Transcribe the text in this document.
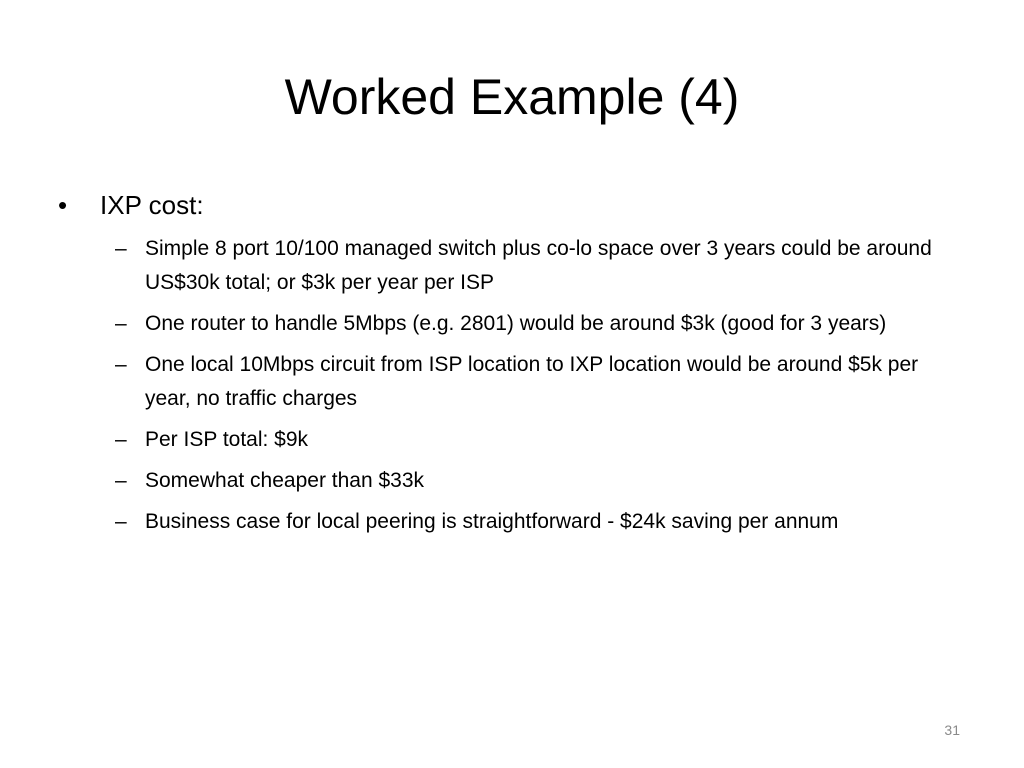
Worked Example (4)
• IXP cost:
– Simple 8 port 10/100 managed switch plus co-lo space over 3 years could be around US$30k total; or $3k per year per ISP
– One router to handle 5Mbps (e.g. 2801) would be around $3k (good for 3 years)
– One local 10Mbps circuit from ISP location to IXP location would be around $5k per year, no traffic charges
– Per ISP total: $9k
– Somewhat cheaper than $33k
– Business case for local peering is straightforward - $24k saving per annum
31
